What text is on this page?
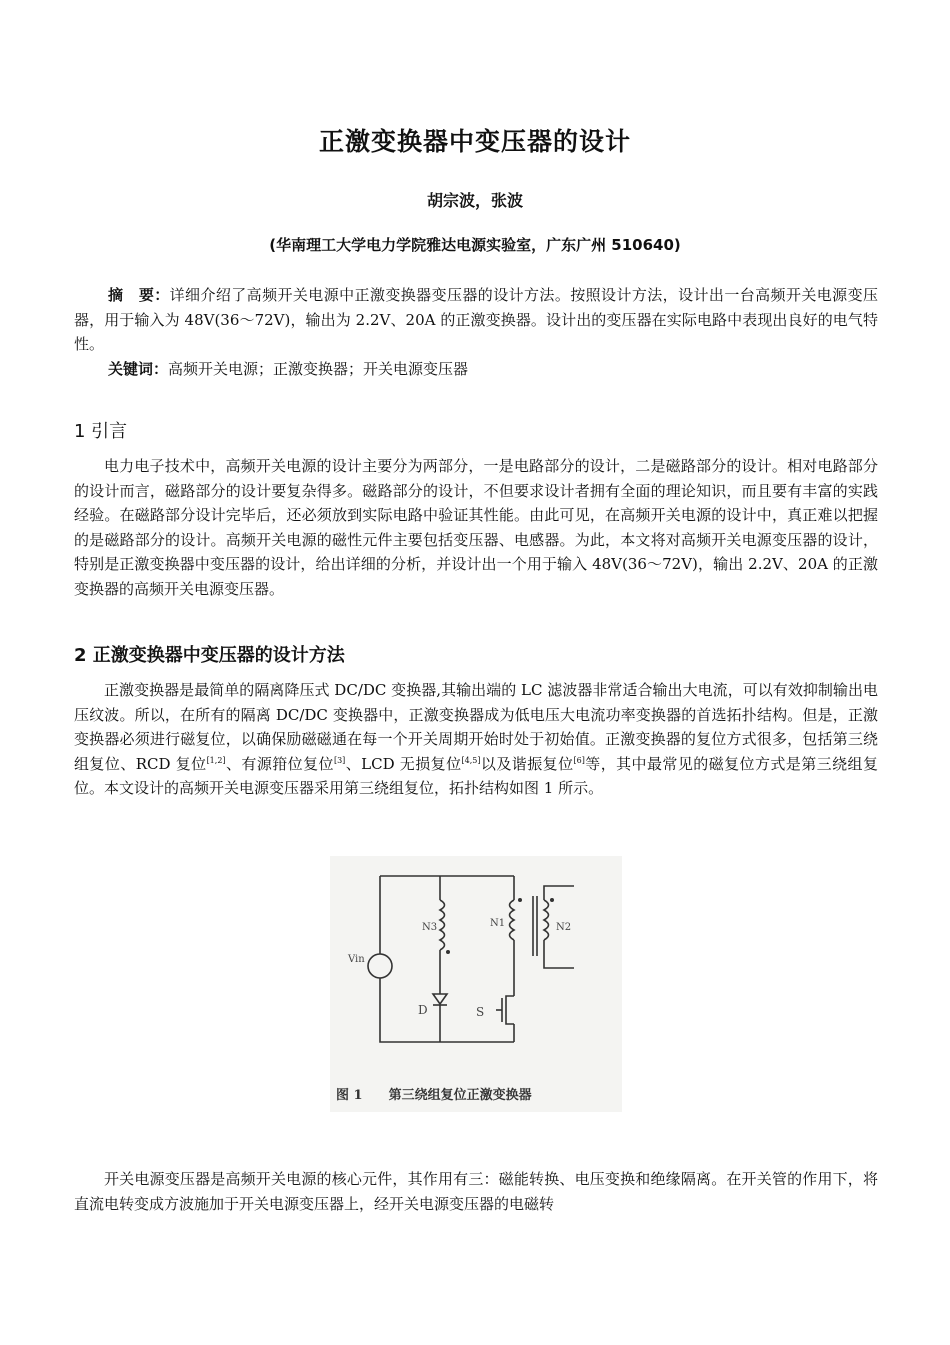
正激变换器中变压器的设计
胡宗波，张波
(华南理工大学电力学院雅达电源实验室，广东广州 510640)

摘　要：详细介绍了高频开关电源中正激变换器变压器的设计方法。按照设计方法，设计出一台高频开关电源变压器，用于输入为 48V(36～72V)，输出为 2.2V、20A 的正激变换器。设计出的变压器在实际电路中表现出良好的电气特性。

关键词：高频开关电源；正激变换器；开关电源变压器

1 引言

电力电子技术中，高频开关电源的设计主要分为两部分，一是电路部分的设计，二是磁路部分的设计。相对电路部分的设计而言，磁路部分的设计要复杂得多。磁路部分的设计，不但要求设计者拥有全面的理论知识，而且要有丰富的实践经验。在磁路部分设计完毕后，还必须放到实际电路中验证其性能。由此可见，在高频开关电源的设计中，真正难以把握的是磁路部分的设计。高频开关电源的磁性元件主要包括变压器、电感器。为此，本文将对高频开关电源变压器的设计，特别是正激变换器中变压器的设计，给出详细的分析，并设计出一个用于输入 48V(36～72V)，输出 2.2V、20A 的正激变换器的高频开关电源变压器。

2 正激变换器中变压器的设计方法

正激变换器是最简单的隔离降压式 DC/DC 变换器,其输出端的 LC 滤波器非常适合输出大电流，可以有效抑制输出电压纹波。所以，在所有的隔离 DC/DC 变换器中，正激变换器成为低电压大电流功率变换器的首选拓扑结构。但是，正激变换器必须进行磁复位，以确保励磁磁通在每一个开关周期开始时处于初始值。正激变换器的复位方式很多，包括第三绕组复位、RCD 复位[1,2]、有源箝位复位[3]、LCD 无损复位[4,5]以及谐振复位[6]等，其中最常见的磁复位方式是第三绕组复位。本文设计的高频开关电源变压器采用第三绕组复位，拓扑结构如图 1 所示。

Vin
D	S
N3	N1	N2
图 1　　第三绕组复位正激变换器

开关电源变压器是高频开关电源的核心元件，其作用有三：磁能转换、电压变换和绝缘隔离。在开关管的作用下，将直流电转变成方波施加于开关电源变压器上，经开关电源变压器的电磁转
